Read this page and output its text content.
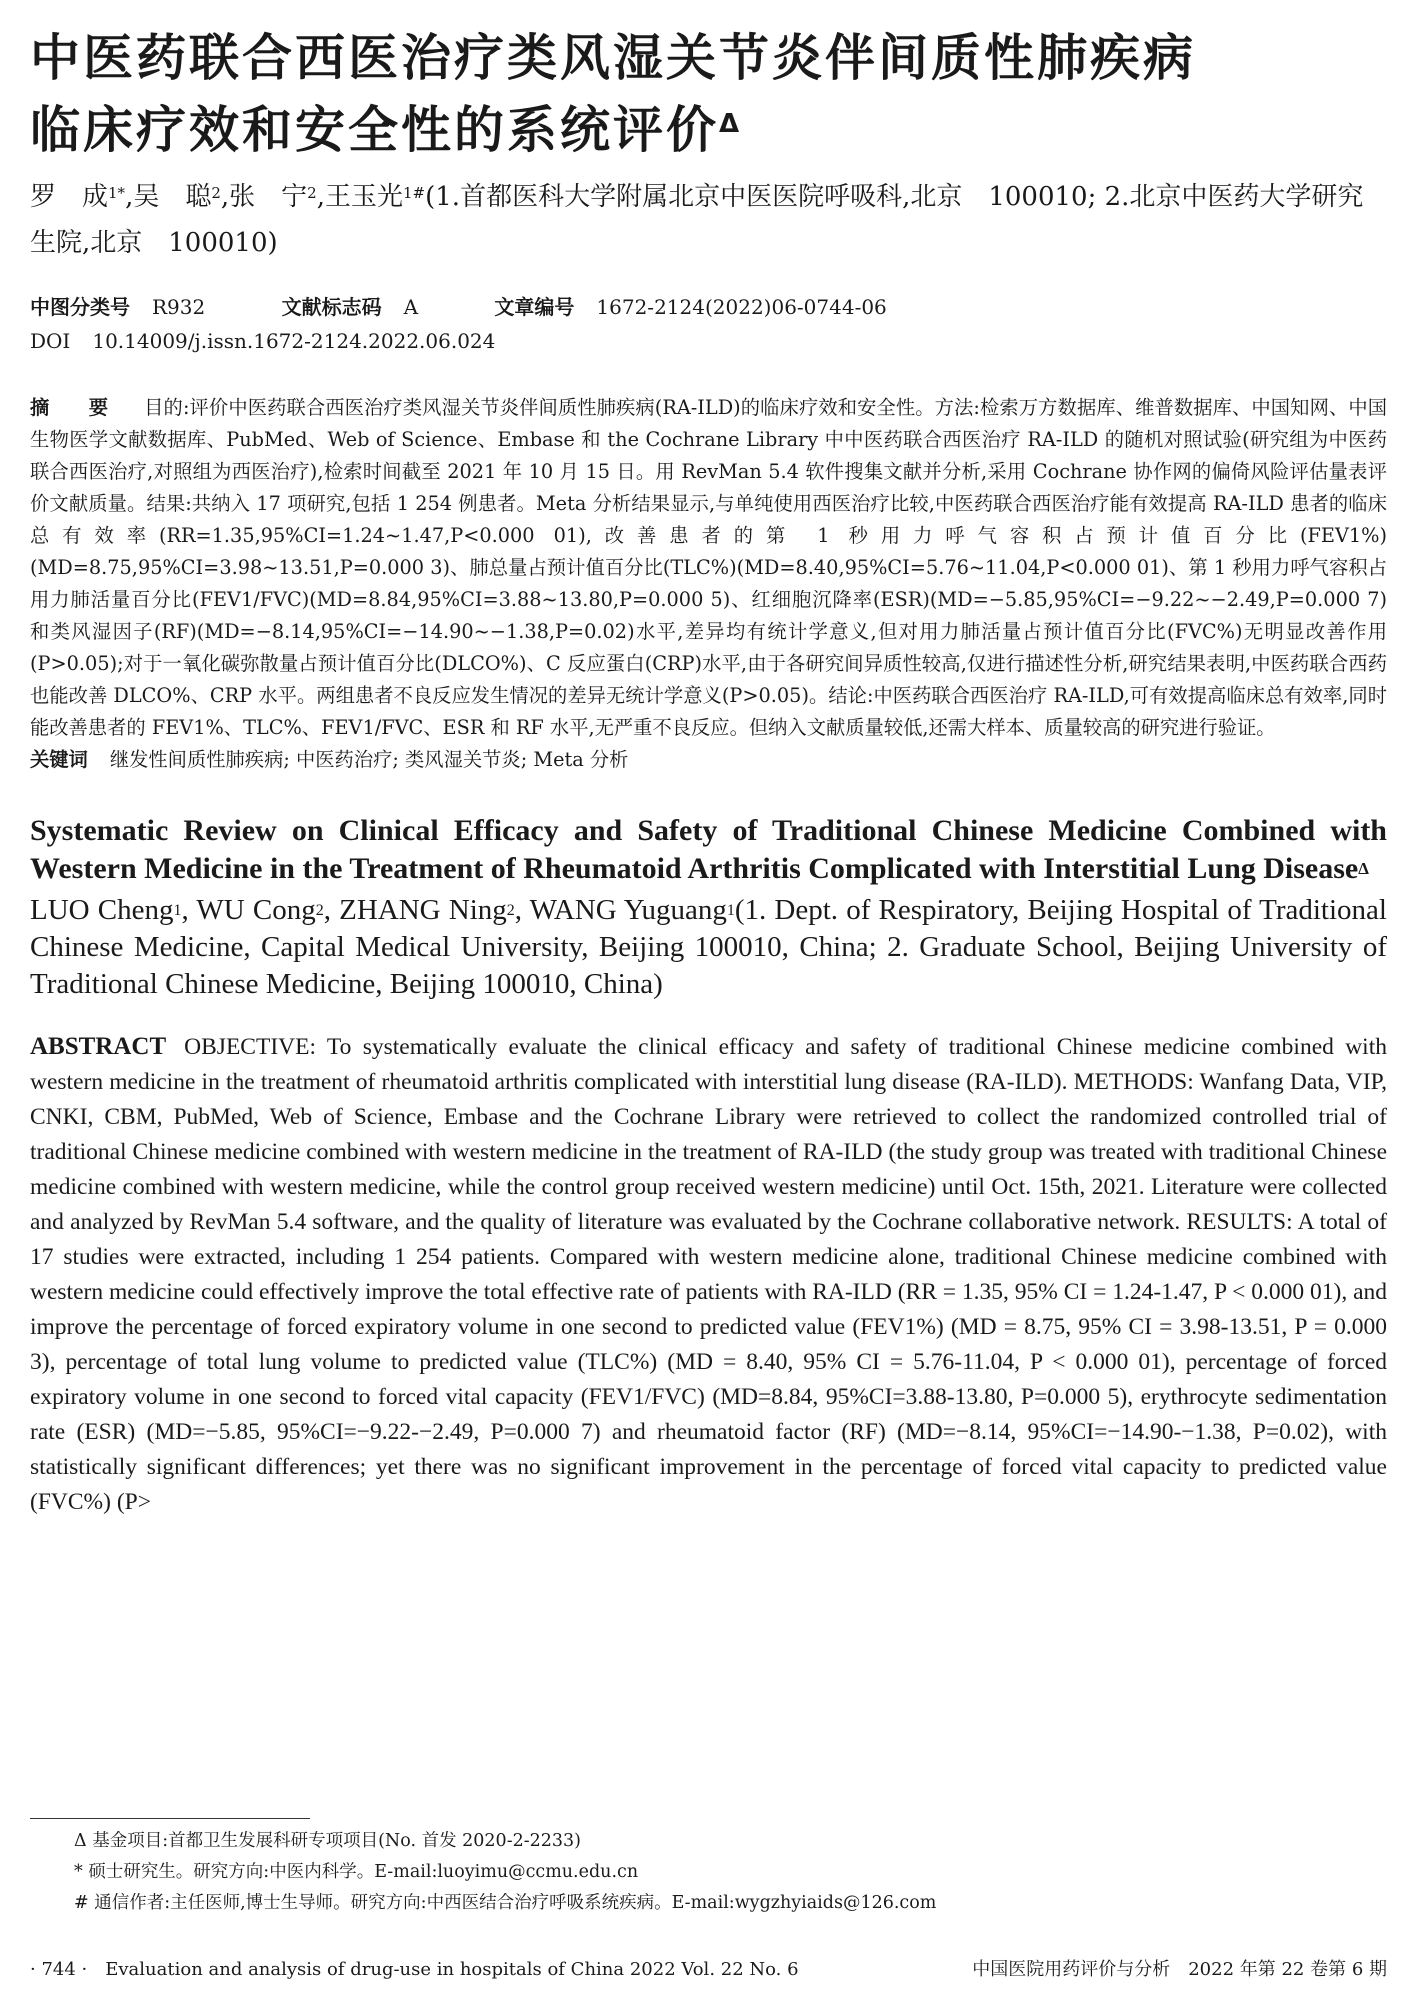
中医药联合西医治疗类风湿关节炎伴间质性肺疾病
临床疗效和安全性的系统评价$^\Delta$
罗　成$^{1*}$,吴　聪$^2$,张　宁$^2$,王玉光$^{1\#}$(1.首都医科大学附属北京中医医院呼吸科,北京　100010; 2.北京中医药大学研究生院,北京　100010)
中图分类号 R932	文献标志码 A	文章编号 1672-2124(2022)06-0744-06
DOI 10.14009/j.issn.1672-2124.2022.06.024
摘　要 目的:评价中医药联合西医治疗类风湿关节炎伴间质性肺疾病(RA-ILD)的临床疗效和安全性。方法:检索万方数据库、维普数据库、中国知网、中国生物医学文献数据库、PubMed、Web of Science、Embase 和 the Cochrane Library 中中医药联合西医治疗 RA-ILD 的随机对照试验(研究组为中医药联合西医治疗,对照组为西医治疗),检索时间截至 2021 年 10 月 15 日。用 RevMan 5.4 软件搜集文献并分析,采用 Cochrane 协作网的偏倚风险评估量表评价文献质量。结果:共纳入 17 项研究,包括 1 254 例患者。Meta 分析结果显示,与单纯使用西医治疗比较,中医药联合西医治疗能有效提高 RA-ILD 患者的临床总有效率(RR=1.35,95%CI=1.24~1.47,P<0.000 01),改善患者的第 1 秒用力呼气容积占预计值百分比(FEV1%)(MD=8.75,95%CI=3.98~13.51,P=0.000 3)、肺总量占预计值百分比(TLC%)(MD=8.40,95%CI=5.76~11.04,P<0.000 01)、第 1 秒用力呼气容积占用力肺活量百分比(FEV1/FVC)(MD=8.84,95%CI=3.88~13.80,P=0.000 5)、红细胞沉降率(ESR)(MD=−5.85,95%CI=−9.22~−2.49,P=0.000 7)和类风湿因子(RF)(MD=−8.14,95%CI=−14.90~−1.38,P=0.02)水平,差异均有统计学意义,但对用力肺活量占预计值百分比(FVC%)无明显改善作用(P>0.05);对于一氧化碳弥散量占预计值百分比(DLCO%)、C 反应蛋白(CRP)水平,由于各研究间异质性较高,仅进行描述性分析,研究结果表明,中医药联合西药也能改善 DLCO%、CRP 水平。两组患者不良反应发生情况的差异无统计学意义(P>0.05)。结论:中医药联合西医治疗 RA-ILD,可有效提高临床总有效率,同时能改善患者的 FEV1%、TLC%、FEV1/FVC、ESR 和 RF 水平,无严重不良反应。但纳入文献质量较低,还需大样本、质量较高的研究进行验证。
关键词 继发性间质性肺疾病; 中医药治疗; 类风湿关节炎; Meta 分析
Systematic Review on Clinical Efficacy and Safety of Traditional Chinese Medicine Combined with Western Medicine in the Treatment of Rheumatoid Arthritis Complicated with Interstitial Lung Disease$^\Delta$
LUO Cheng$^1$, WU Cong$^2$, ZHANG Ning$^2$, WANG Yuguang$^1$(1. Dept. of Respiratory, Beijing Hospital of Traditional Chinese Medicine, Capital Medical University, Beijing 100010, China; 2. Graduate School, Beijing University of Traditional Chinese Medicine, Beijing 100010, China)
ABSTRACT OBJECTIVE: To systematically evaluate the clinical efficacy and safety of traditional Chinese medicine combined with western medicine in the treatment of rheumatoid arthritis complicated with interstitial lung disease (RA-ILD). METHODS: Wanfang Data, VIP, CNKI, CBM, PubMed, Web of Science, Embase and the Cochrane Library were retrieved to collect the randomized controlled trial of traditional Chinese medicine combined with western medicine in the treatment of RA-ILD (the study group was treated with traditional Chinese medicine combined with western medicine, while the control group received western medicine) until Oct. 15th, 2021. Literature were collected and analyzed by RevMan 5.4 software, and the quality of literature was evaluated by the Cochrane collaborative network. RESULTS: A total of 17 studies were extracted, including 1 254 patients. Compared with western medicine alone, traditional Chinese medicine combined with western medicine could effectively improve the total effective rate of patients with RA-ILD (RR = 1.35, 95% CI = 1.24-1.47, P < 0.000 01), and improve the percentage of forced expiratory volume in one second to predicted value (FEV1%) (MD = 8.75, 95% CI = 3.98-13.51, P = 0.000 3), percentage of total lung volume to predicted value (TLC%) (MD = 8.40, 95% CI = 5.76-11.04, P < 0.000 01), percentage of forced expiratory volume in one second to forced vital capacity (FEV1/FVC) (MD=8.84, 95%CI=3.88-13.80, P=0.000 5), erythrocyte sedimentation rate (ESR) (MD=−5.85, 95%CI=−9.22-−2.49, P=0.000 7) and rheumatoid factor (RF) (MD=−8.14, 95%CI=−14.90-−1.38, P=0.02), with statistically significant differences; yet there was no significant improvement in the percentage of forced vital capacity to predicted value (FVC%) (P>
Δ 基金项目:首都卫生发展科研专项项目(No. 首发 2020-2-2233)
* 硕士研究生。研究方向:中医内科学。E-mail:luoyimu@ccmu.edu.cn
# 通信作者:主任医师,博士生导师。研究方向:中西医结合治疗呼吸系统疾病。E-mail:wygzhyiaids@126.com
· 744 ·　Evaluation and analysis of drug-use in hospitals of China 2022 Vol. 22 No. 6	中国医院用药评价与分析　2022 年第 22 卷第 6 期
